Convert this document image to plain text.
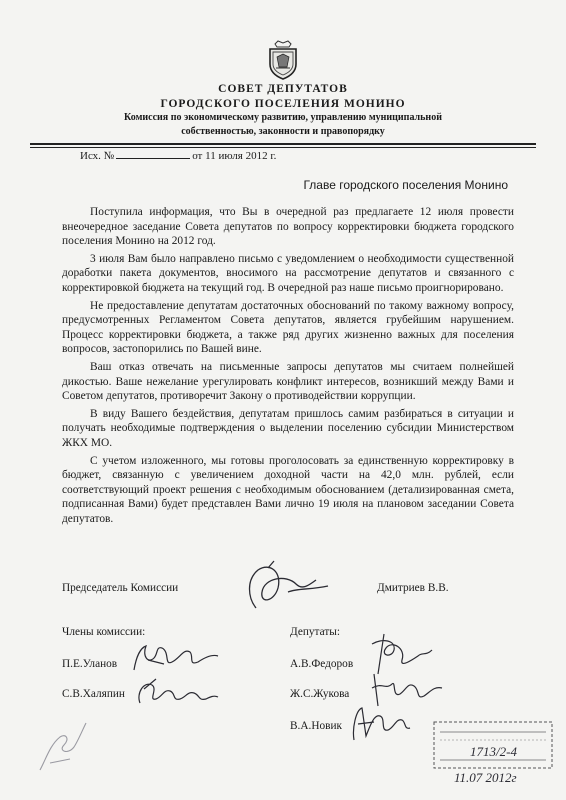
СОВЕТ ДЕПУТАТОВ
ГОРОДСКОГО ПОСЕЛЕНИЯ МОНИНО
Комиссия по экономическому развитию, управлению муниципальной
собственностью, законности и правопорядку
Исх. №	от 11 июля 2012 г.
Главе городского поселения Монино

Поступила информация, что Вы в очередной раз предлагаете 12 июля провести внеочередное заседание Совета депутатов по вопросу корректировки бюджета городского поселения Монино на 2012 год.

3 июля Вам было направлено письмо с уведомлением о необходимости существенной доработки пакета документов, вносимого на рассмотрение депутатов и связанного с корректировкой бюджета на текущий год. В очередной раз наше письмо проигнорировано.

Не предоставление депутатам достаточных обоснований по такому важному вопросу, предусмотренных Регламентом Совета депутатов, является грубейшим нарушением. Процесс корректировки бюджета, а также ряд других жизненно важных для поселения вопросов, застопорились по Вашей вине.

Ваш отказ отвечать на письменные запросы депутатов мы считаем полнейшей дикостью. Ваше нежелание урегулировать конфликт интересов, возникший между Вами и Советом депутатов, противоречит Закону о противодействии коррупции.

В виду Вашего бездействия, депутатам пришлось самим разбираться в ситуации и получать необходимые подтверждения о выделении поселению субсидии Министерством ЖКХ МО.

С учетом изложенного, мы готовы проголосовать за единственную корректировку в бюджет, связанную с увеличением доходной части на 42,0 млн. рублей, если соответствующий проект решения с необходимым обоснованием (детализированная смета, подписанная Вами) будет представлен Вами лично 19 июля на плановом заседании Совета депутатов.

Председатель Комиссии	Дмитриев В.В.
Члены комиссии:
П.Е.Уланов
С.В.Халяпин
Депутаты:
А.В.Федоров
Ж.С.Жукова
В.А.Новик
1713/2-4
11.07 2012г
